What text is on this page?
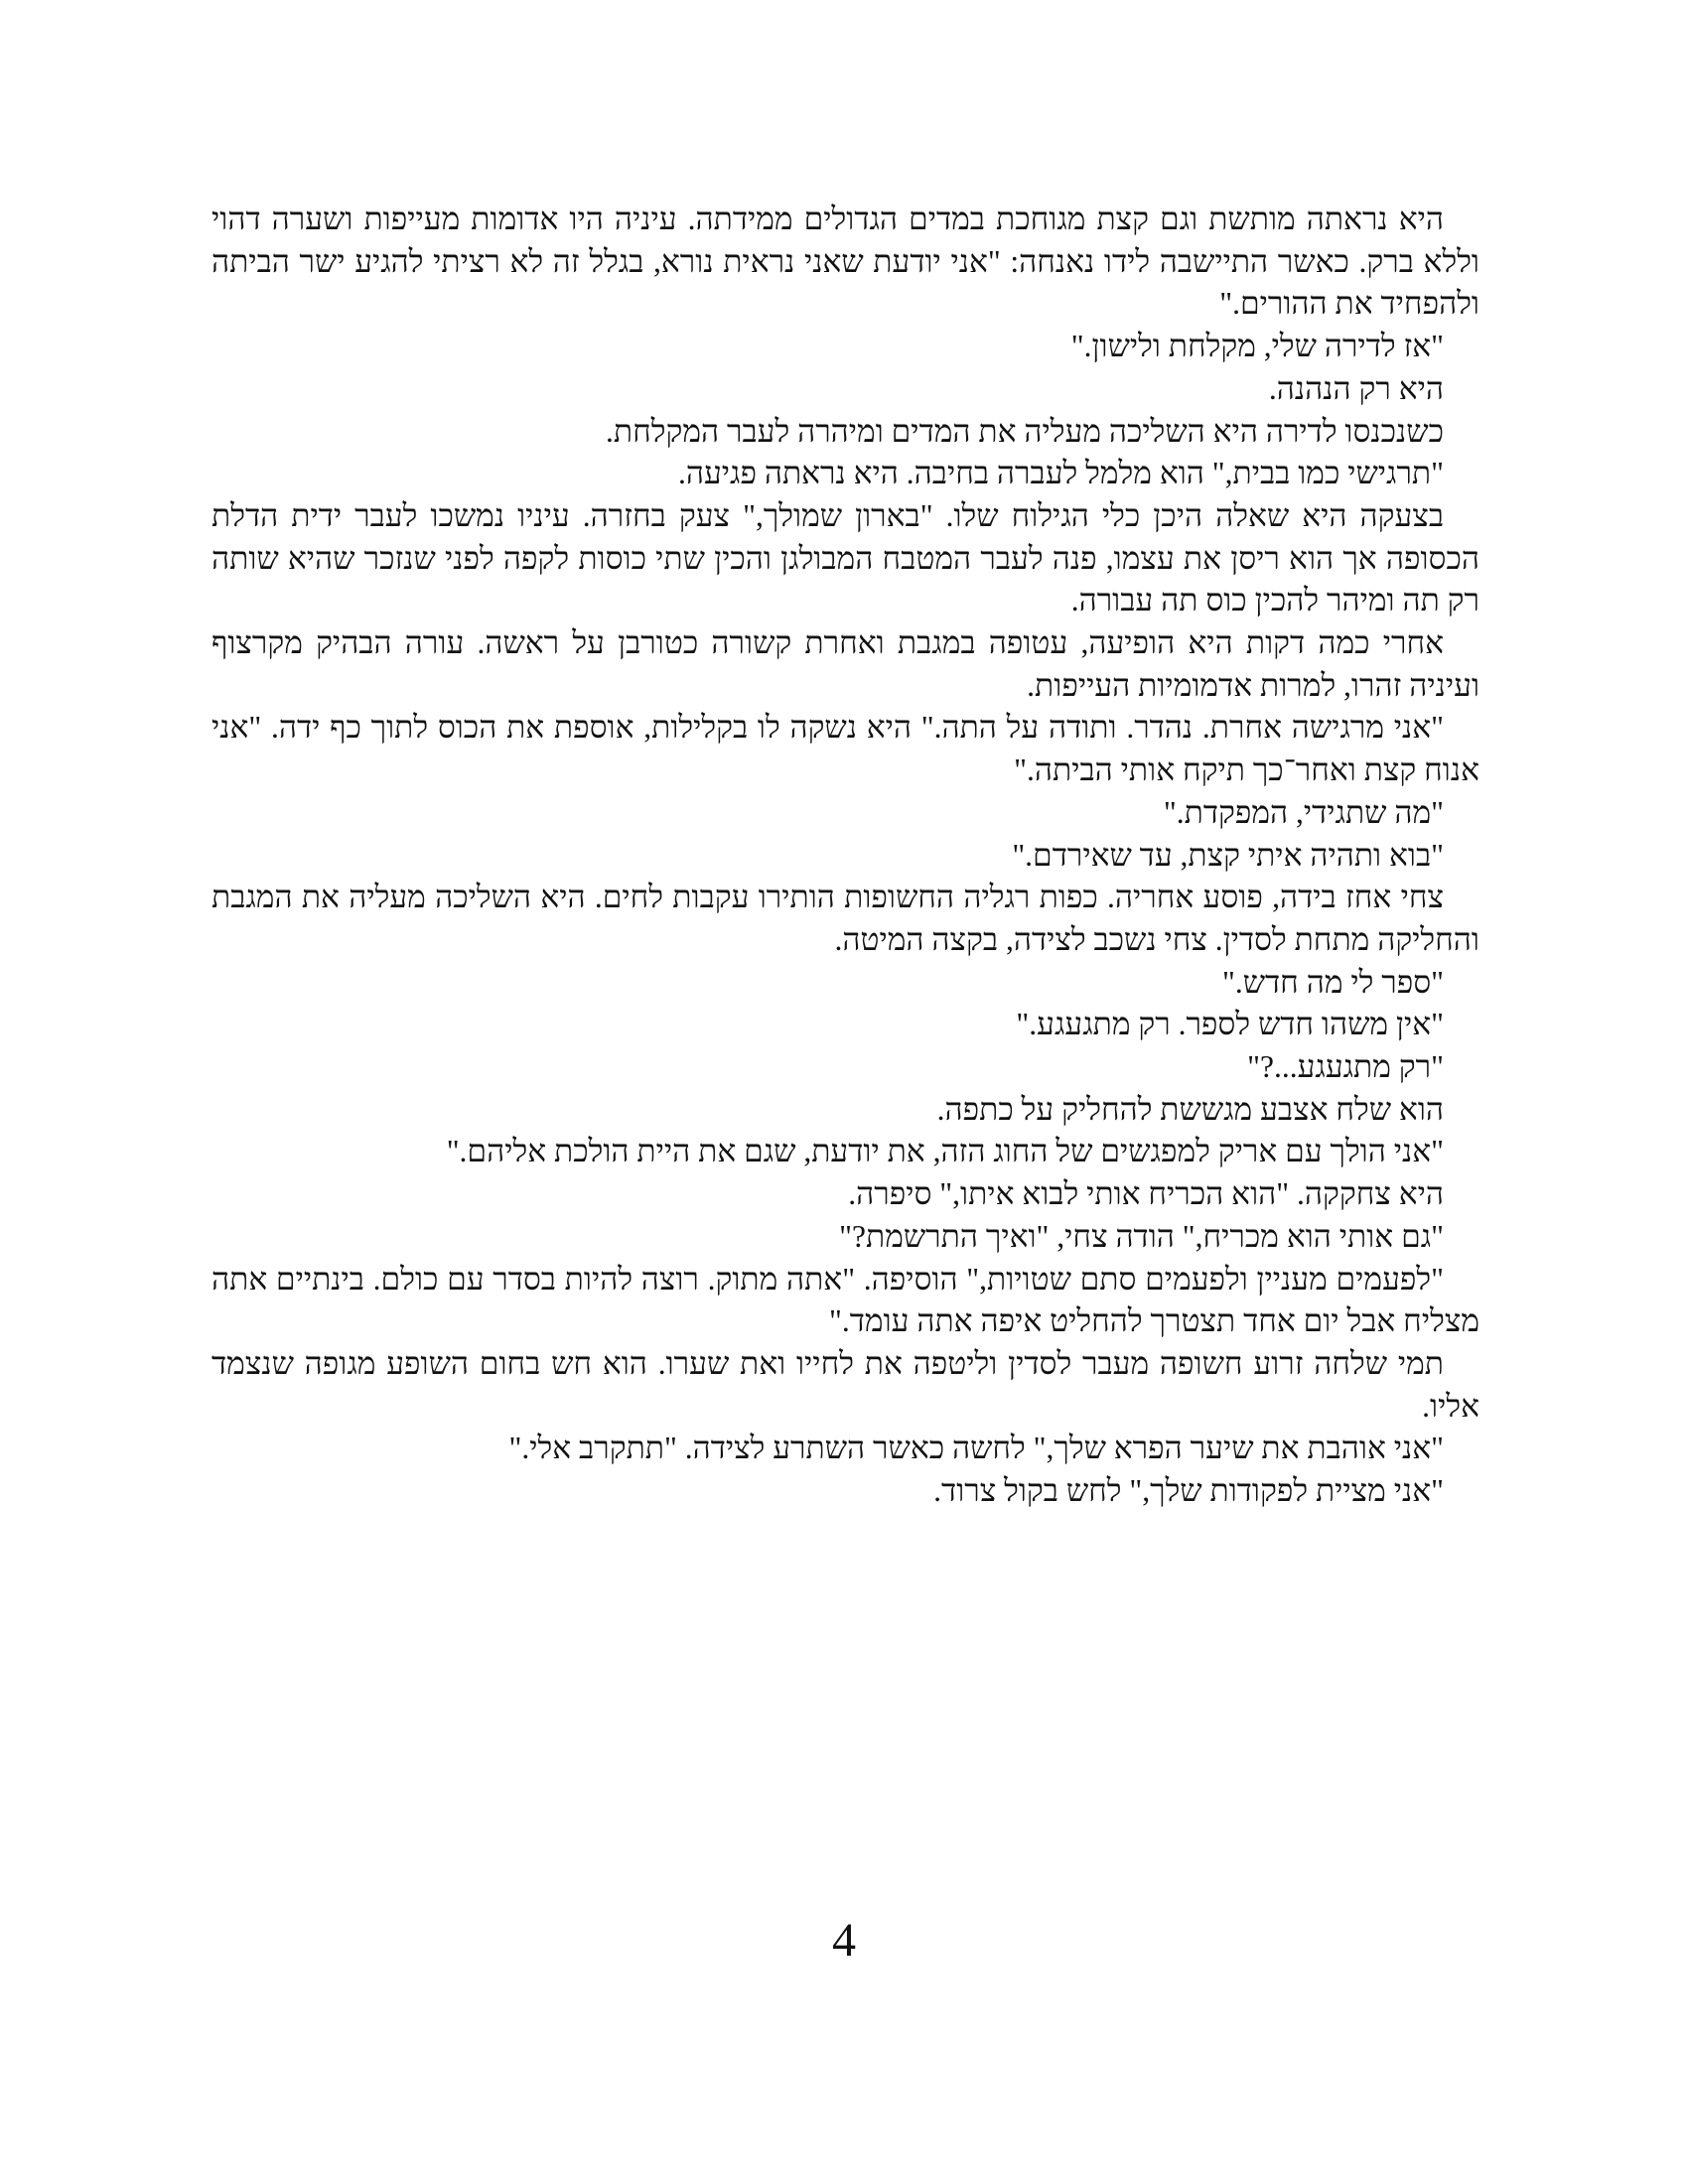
היא נראתה מותשת וגם קצת מגוחכת במדים הגדולים ממידתה. עיניה היו אדומות מעייפות ושערה דהוי וללא ברק. כאשר התיישבה לידו נאנחה: "אני יודעת שאני נראית נורא, בגלל זה לא רציתי להגיע ישר הביתה ולהפחיד את ההורים."

"אז לדירה שלי, מקלחת ולישון."

היא רק הנהנה.

כשנכנסו לדירה היא השליכה מעליה את המדים ומיהרה לעבר המקלחת.

"תרגישי כמו בבית," הוא מלמל לעברה בחיבה. היא נראתה פגיעה.

בצעקה היא שאלה היכן כלי הגילוח שלו. "בארון שמולך," צעק בחזרה. עיניו נמשכו לעבר ידית הדלת הכסופה אך הוא ריסן את עצמו, פנה לעבר המטבח המבולגן והכין שתי כוסות לקפה לפני שנזכר שהיא שותה רק תה ומיהר להכין כוס תה עבורה.

אחרי כמה דקות היא הופיעה, עטופה במגבת ואחרת קשורה כטורבן על ראשה. עורה הבהיק מקרצוף ועיניה זהרו, למרות אדמומיות העייפות.

"אני מרגישה אחרת. נהדר. ותודה על התה." היא נשקה לו בקלילות, אוספת את הכוס לתוך כף ידה. "אני אנוח קצת ואחר־כך תיקח אותי הביתה."

"מה שתגידי, המפקדת."

"בוא ותהיה איתי קצת, עד שאירדם."

צחי אחז בידה, פוסע אחריה. כפות רגליה החשופות הותירו עקבות לחים. היא השליכה מעליה את המגבת והחליקה מתחת לסדין. צחי נשכב לצידה, בקצה המיטה.

"ספר לי מה חדש."

"אין משהו חדש לספר. רק מתגעגע."

"רק מתגעגע...?"

הוא שלח אצבע מגששת להחליק על כתפה.

"אני הולך עם אריק למפגשים של החוג הזה, את יודעת, שגם את היית הולכת אליהם."

היא צחקקה. "הוא הכריח אותי לבוא איתו," סיפרה.

"גם אותי הוא מכריח," הודה צחי, "ואיך התרשמת?"

"לפעמים מעניין ולפעמים סתם שטויות," הוסיפה. "אתה מתוק. רוצה להיות בסדר עם כולם. בינתיים אתה מצליח אבל יום אחד תצטרך להחליט איפה אתה עומד."

תמי שלחה זרוע חשופה מעבר לסדין וליטפה את לחייו ואת שערו. הוא חש בחום השופע מגופה שנצמד אליו.

"אני אוהבת את שיער הפרא שלך," לחשה כאשר השתרע לצידה. "תתקרב אלי."

"אני מציית לפקודות שלך," לחש בקול צרוד.

4
